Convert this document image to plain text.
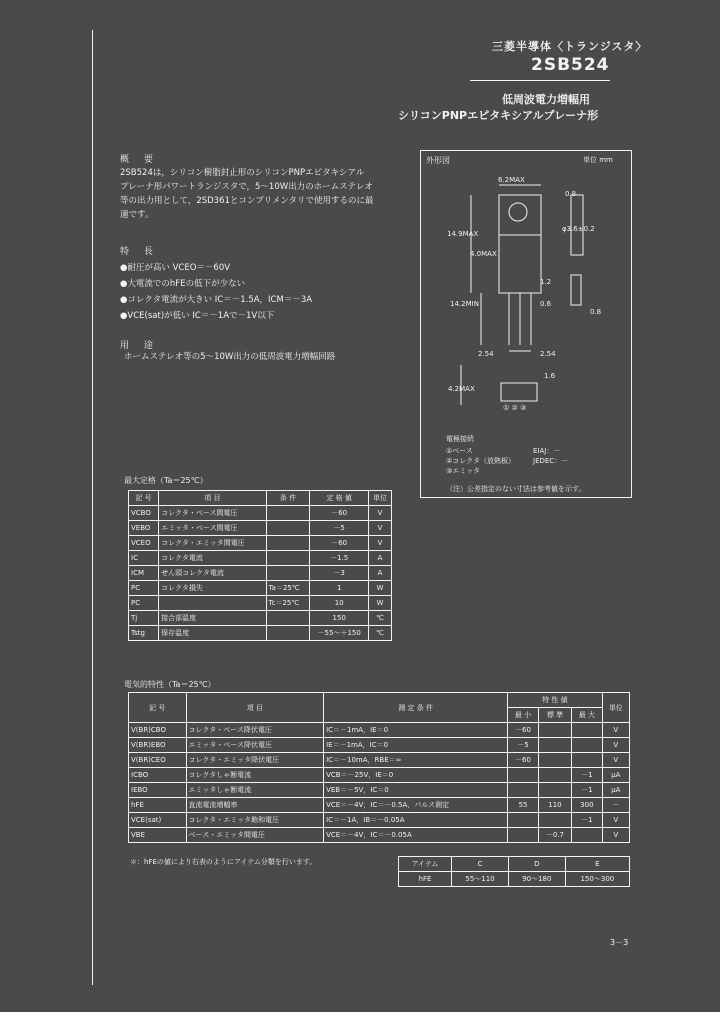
三菱半導体〈トランジスタ〉
2SB524
低周波電力増幅用
シリコンPNPエピタキシアルプレーナ形
概 要
2SB524は，シリコン樹脂封止形のシリコンPNPエピタキシアル
プレーナ形パワートランジスタで，5～10W出力のホームステレオ
等の出力用として，2SD361とコンプリメンタリで使用するのに最
適です。
特 長
●耐圧が高い VCEO＝－60V
●大電流でのhFEの低下が少ない
●コレクタ電流が大きい IC＝－1.5A，ICM＝－3A
●VCE(sat)が低い IC＝－1Aで－1V以下
用 途
ホームステレオ等の5～10W出力の低周波電力増幅回路
外形図	単位 mm
6.2MAX
φ3.6±0.2
14.9MAX
4.0MAX
0.8
1.2
0.6
0.8
14.2MIN
2.54	2.54
4.2MAX
1.6
① ② ③
電極接続
①ベース
②コレクタ（放熱板）
③エミッタ
EIAJ：－
JEDEC：－
（注）公差指定のない寸法は参考値を示す。
最大定格（Ta＝25℃）
記 号	項 目	条 件	定 格 値	単位
VCBO	コレクタ・ベース間電圧		－60	V
VEBO	エミッタ・ベース間電圧		－5	V
VCEO	コレクタ・エミッタ間電圧		－60	V
IC	コレクタ電流		－1.5	A
ICM	せん頭コレクタ電流		－3	A
PC	コレクタ損失	Ta＝25℃	1	W
PC		Tc＝25℃	10	W
Tj	接合部温度		150	℃
Tstg	保存温度		－55～＋150	℃
電気的特性（Ta＝25℃）
記 号	項 目	測 定 条 件	特 性 値			単位
			最 小	標 準	最 大	
V(BR)CBO	コレクタ・ベース降伏電圧	IC＝－1mA，IE＝0	－60			V
V(BR)EBO	エミッタ・ベース降伏電圧	IE＝－1mA，IC＝0	－5			V
V(BR)CEO	コレクタ・エミッタ降伏電圧	IC＝－10mA，RBE＝∞	－60			V
ICBO	コレクタしゃ断電流	VCB＝－25V，IE＝0			－1	μA
IEBO	エミッタしゃ断電流	VEB＝－5V，IC＝0			－1	μA
hFE	直流電流増幅率	VCE＝－4V，IC＝－0.5A，パルス測定	55	110	300	－
VCE(sat)	コレクタ・エミッタ飽和電圧	IC＝－1A，IB＝－0.05A			－1	V
VBE	ベース・エミッタ間電圧	VCE＝－4V，IC＝－0.05A		－0.7		V
＊：hFEの値により右表のようにアイテム分類を行います。	アイテム	C	D	E
hFE	55～110	90～180	150～300
3－3
